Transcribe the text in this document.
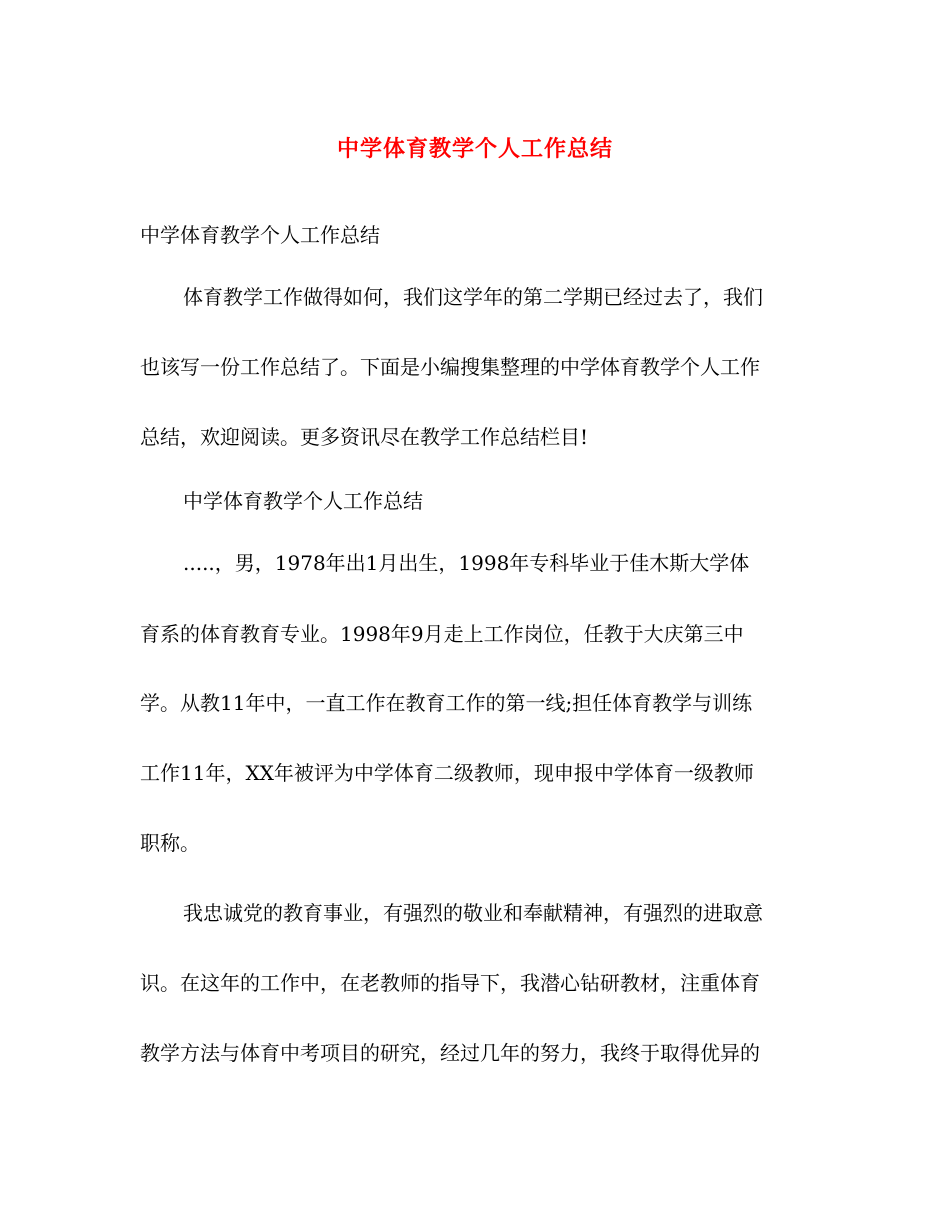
中学体育教学个人工作总结
中学体育教学个人工作总结
体育教学工作做得如何，我们这学年的第二学期已经过去了，我们
也该写一份工作总结了。下面是小编搜集整理的中学体育教学个人工作
总结，欢迎阅读。更多资讯尽在教学工作总结栏目!
中学体育教学个人工作总结
.....，男，1978年出1月出生，1998年专科毕业于佳木斯大学体
育系的体育教育专业。1998年9月走上工作岗位，任教于大庆第三中
学。从教11年中，一直工作在教育工作的第一线;担任体育教学与训练
工作11年，XX年被评为中学体育二级教师，现申报中学体育一级教师
职称。
我忠诚党的教育事业，有强烈的敬业和奉献精神，有强烈的进取意
识。在这年的工作中，在老教师的指导下，我潜心钻研教材，注重体育
教学方法与体育中考项目的研究，经过几年的努力，我终于取得优异的
